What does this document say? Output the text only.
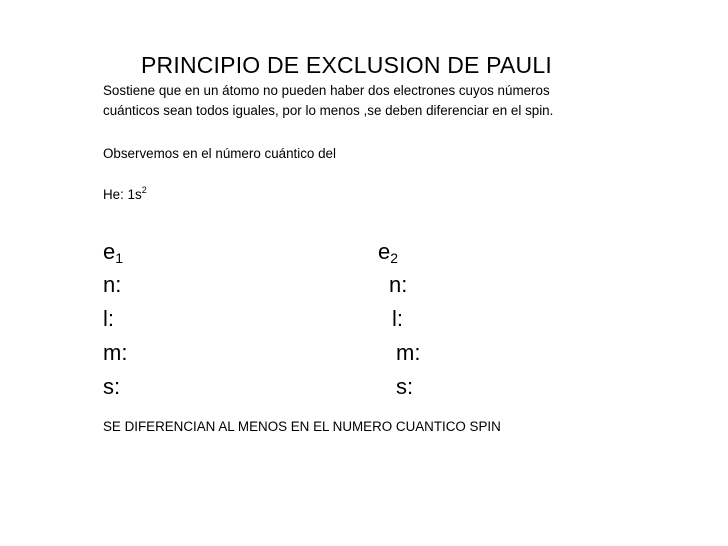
PRINCIPIO DE EXCLUSION DE PAULI
Sostiene que en un átomo no pueden haber dos electrones cuyos números
cuánticos sean todos iguales, por lo menos ,se deben diferenciar en el spin.
Observemos en el número cuántico del
He: $1s^2$
$e_1$
n:
l:
m:
s:
$e_2$
n:
l:
m:
s:
SE DIFERENCIAN AL MENOS EN EL NUMERO CUANTICO SPIN
